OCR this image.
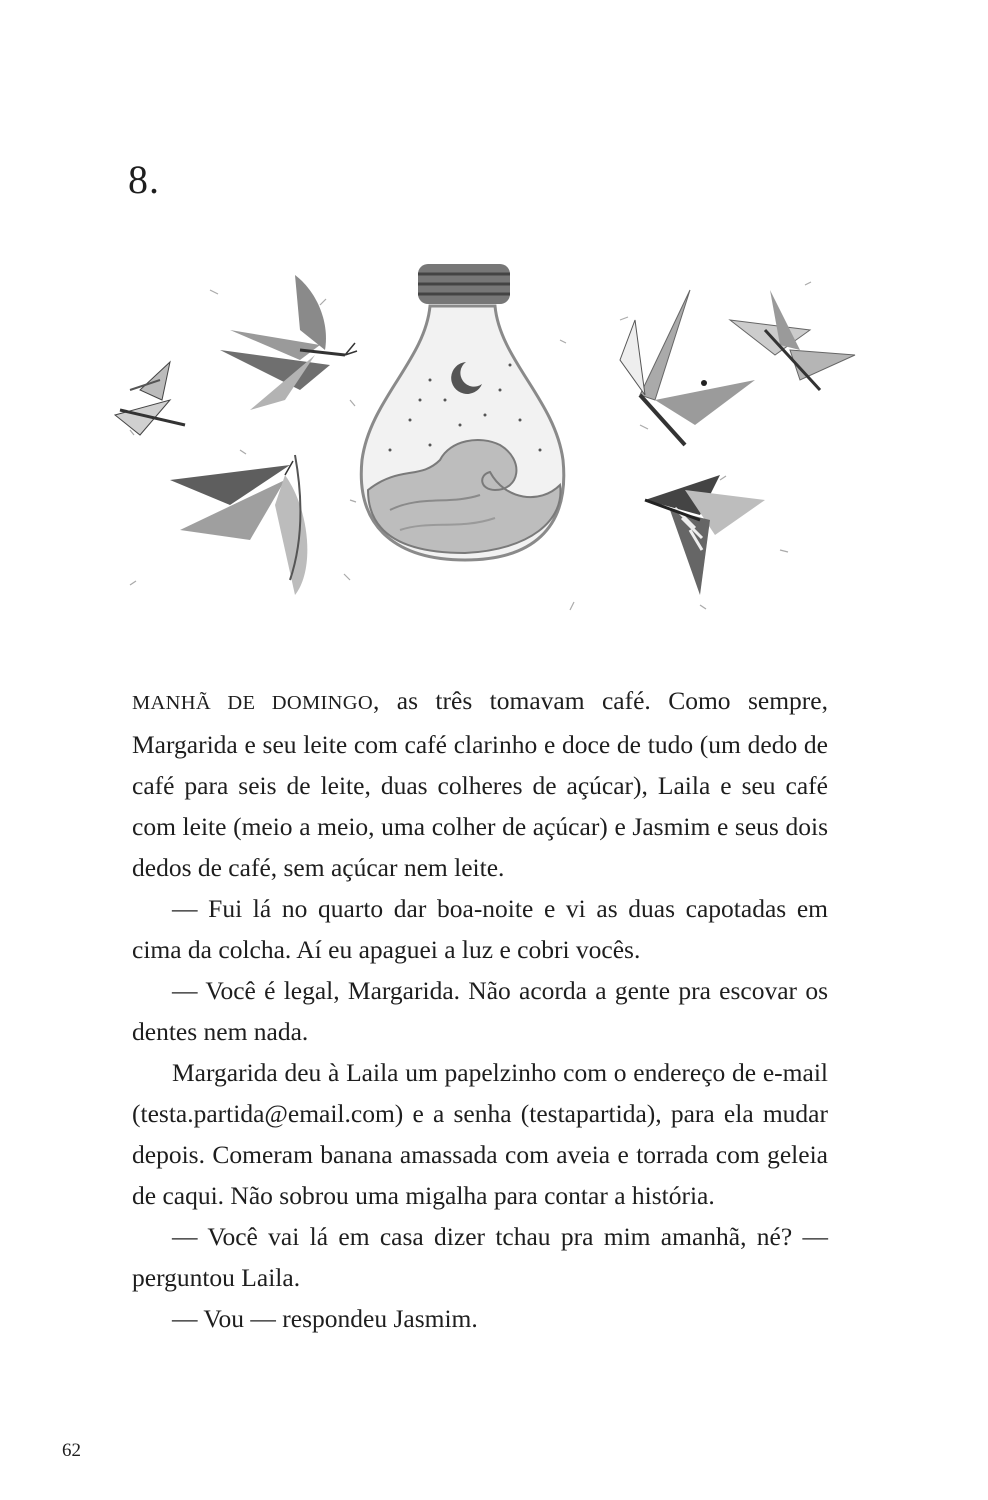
8.

MANHÃ DE DOMINGO, as três tomavam café. Como sempre, Margarida e seu leite com café clarinho e doce de tudo (um dedo de café para seis de leite, duas colheres de açúcar), Laila e seu café com leite (meio a meio, uma colher de açúcar) e Jasmim e seus dois dedos de café, sem açúcar nem leite.

— Fui lá no quarto dar boa-noite e vi as duas capotadas em cima da colcha. Aí eu apaguei a luz e cobri vocês.

— Você é legal, Margarida. Não acorda a gente pra escovar os dentes nem nada.

Margarida deu à Laila um papelzinho com o endereço de e-mail (testa.partida@email.com) e a senha (testapartida), para ela mudar depois. Comeram banana amassada com aveia e torrada com geleia de caqui. Não sobrou uma migalha para contar a história.

— Você vai lá em casa dizer tchau pra mim amanhã, né? — perguntou Laila.

— Vou — respondeu Jasmim.

62
